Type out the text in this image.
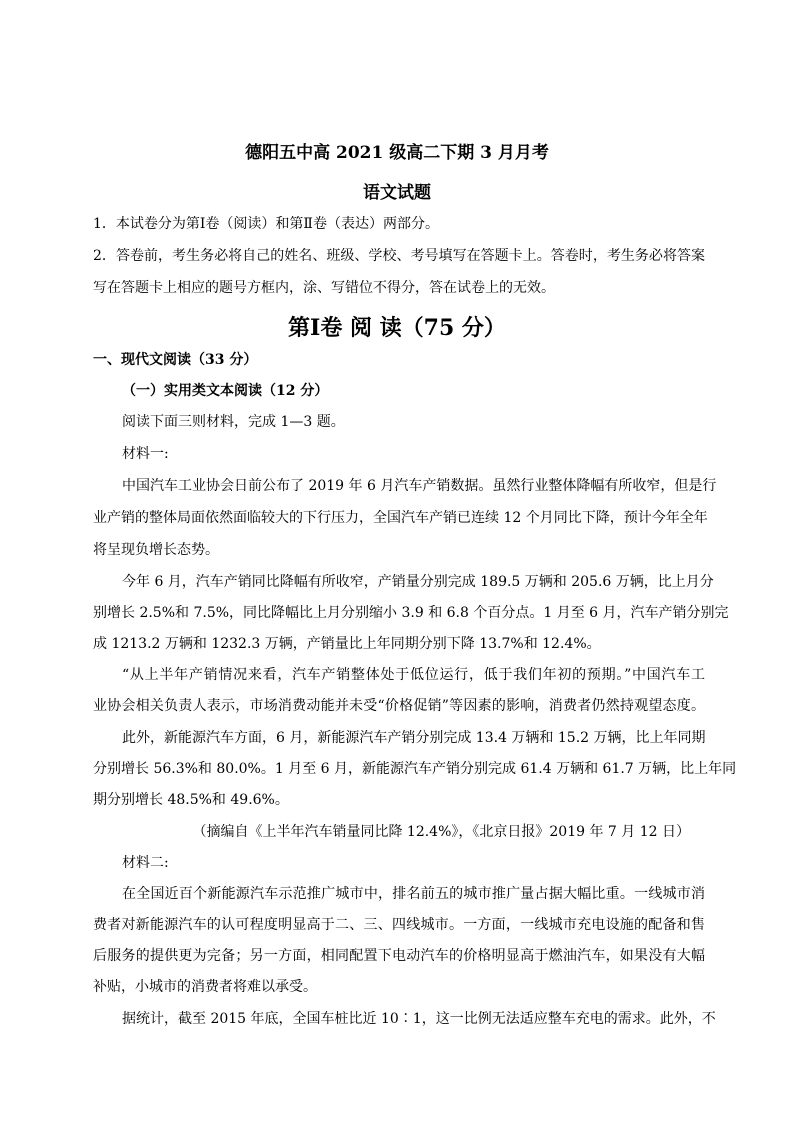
德阳五中高 2021 级高二下期 3 月月考
语文试题
1．本试卷分为第Ⅰ卷（阅读）和第Ⅱ卷（表达）两部分。
2．答卷前，考生务必将自己的姓名、班级、学校、考号填写在答题卡上。答卷时，考生务必将答案
写在答题卡上相应的题号方框内，涂、写错位不得分，答在试卷上的无效。
第Ⅰ卷 阅 读（75 分）
一、现代文阅读（33 分）
（一）实用类文本阅读（12 分）
阅读下面三则材料，完成 1—3 题。
材料一:
中国汽车工业协会日前公布了 2019 年 6 月汽车产销数据。虽然行业整体降幅有所收窄，但是行
业产销的整体局面依然面临较大的下行压力，全国汽车产销已连续 12 个月同比下降，预计今年全年
将呈现负增长态势。
今年 6 月，汽车产销同比降幅有所收窄，产销量分别完成 189.5 万辆和 205.6 万辆，比上月分
别增长 2.5%和 7.5%，同比降幅比上月分别缩小 3.9 和 6.8 个百分点。1 月至 6 月，汽车产销分别完
成 1213.2 万辆和 1232.3 万辆，产销量比上年同期分别下降 13.7%和 12.4%。
“从上半年产销情况来看，汽车产销整体处于低位运行，低于我们年初的预期。”中国汽车工
业协会相关负责人表示，市场消费动能并未受“价格促销”等因素的影响，消费者仍然持观望态度。
此外，新能源汽车方面，6 月，新能源汽车产销分别完成 13.4 万辆和 15.2 万辆，比上年同期
分别增长 56.3%和 80.0%。1 月至 6 月，新能源汽车产销分别完成 61.4 万辆和 61.7 万辆，比上年同
期分别增长 48.5%和 49.6%。
（摘编自《上半年汽车销量同比降 12.4%》，《北京日报》2019 年 7 月 12 日）
材料二:
在全国近百个新能源汽车示范推广城市中，排名前五的城市推广量占据大幅比重。一线城市消
费者对新能源汽车的认可程度明显高于二、三、四线城市。一方面，一线城市充电设施的配备和售
后服务的提供更为完备；另一方面，相同配置下电动汽车的价格明显高于燃油汽车，如果没有大幅
补贴，小城市的消费者将难以承受。
据统计，截至 2015 年底，全国车桩比近 10∶1，这一比例无法适应整车充电的需求。此外，不
